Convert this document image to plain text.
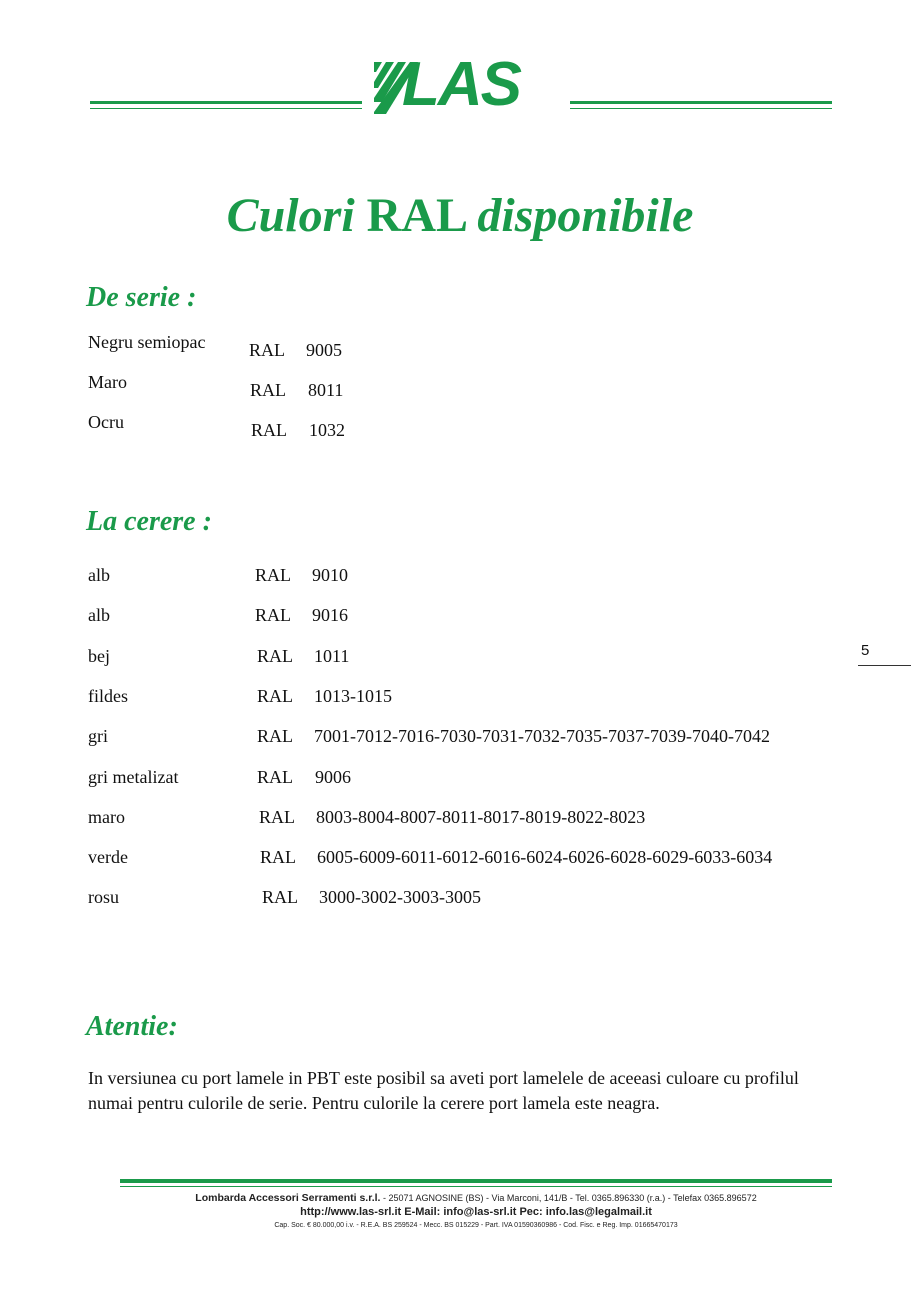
LAS
Culori RAL disponibile
De serie :
Negru semiopac RAL 9005
Maro	RAL 8011
Ocru	RAL 1032
La cerere :
alb	RAL 9010
alb	RAL 9016
bej	RAL 1011
fildes	RAL 1013-1015
gri	RAL 7001-7012-7016-7030-7031-7032-7035-7037-7039-7040-7042
gri metalizat	RAL 9006
maro	RAL 8003-8004-8007-8011-8017-8019-8022-8023
verde	RAL 6005-6009-6011-6012-6016-6024-6026-6028-6029-6033-6034
rosu	RAL 3000-3002-3003-3005
Atentie:
In versiunea cu port lamele in PBT este posibil sa aveti port lamelele de aceeasi culoare cu profilul numai pentru culorile de serie. Pentru culorile la cerere port lamela este neagra.
5
Lombarda Accessori Serramenti s.r.l. - 25071 AGNOSINE (BS) - Via Marconi, 141/B - Tel. 0365.896330 (r.a.) - Telefax 0365.896572
http://www.las-srl.it E-Mail: info@las-srl.it Pec: info.las@legalmail.it
Cap. Soc. € 80.000,00 i.v. - R.E.A. BS 259524 - Mecc. BS 015229 - Part. IVA 01590360986 - Cod. Fisc. e Reg. Imp. 01665470173
